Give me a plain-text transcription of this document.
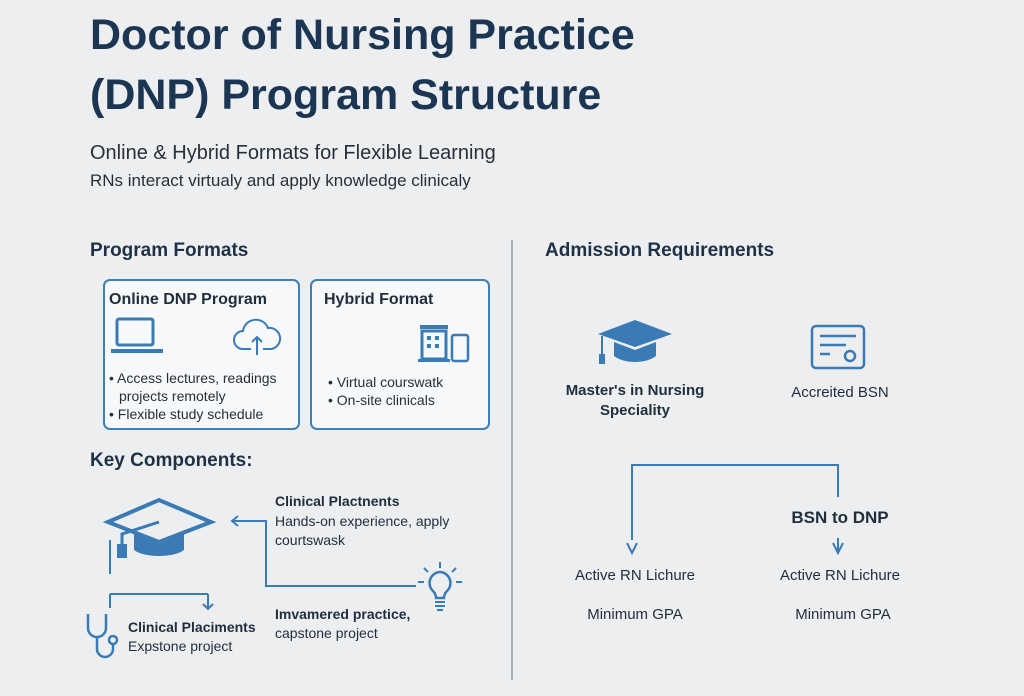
Doctor of Nursing Practice
(DNP) Program Structure
Online & Hybrid Formats for Flexible Learning
RNs interact virtualy and apply knowledge clinicaly
Program Formats
Online DNP Program
• Access lectures, readings
projects remotely
• Flexible study schedule
Hybrid Format
• Virtual courswatk
• On-site clinicals
Key Components:
Clinical Plactnents
Hands-on experience, apply
courtswask
Imvamered practice,
capstone project
Clinical Placiments
Expstone project
Admission Requirements
Master's in Nursing
Speciality
Accreited BSN
BSN to DNP
Active RN Lichure
Minimum GPA
Active RN Lichure
Minimum GPA
